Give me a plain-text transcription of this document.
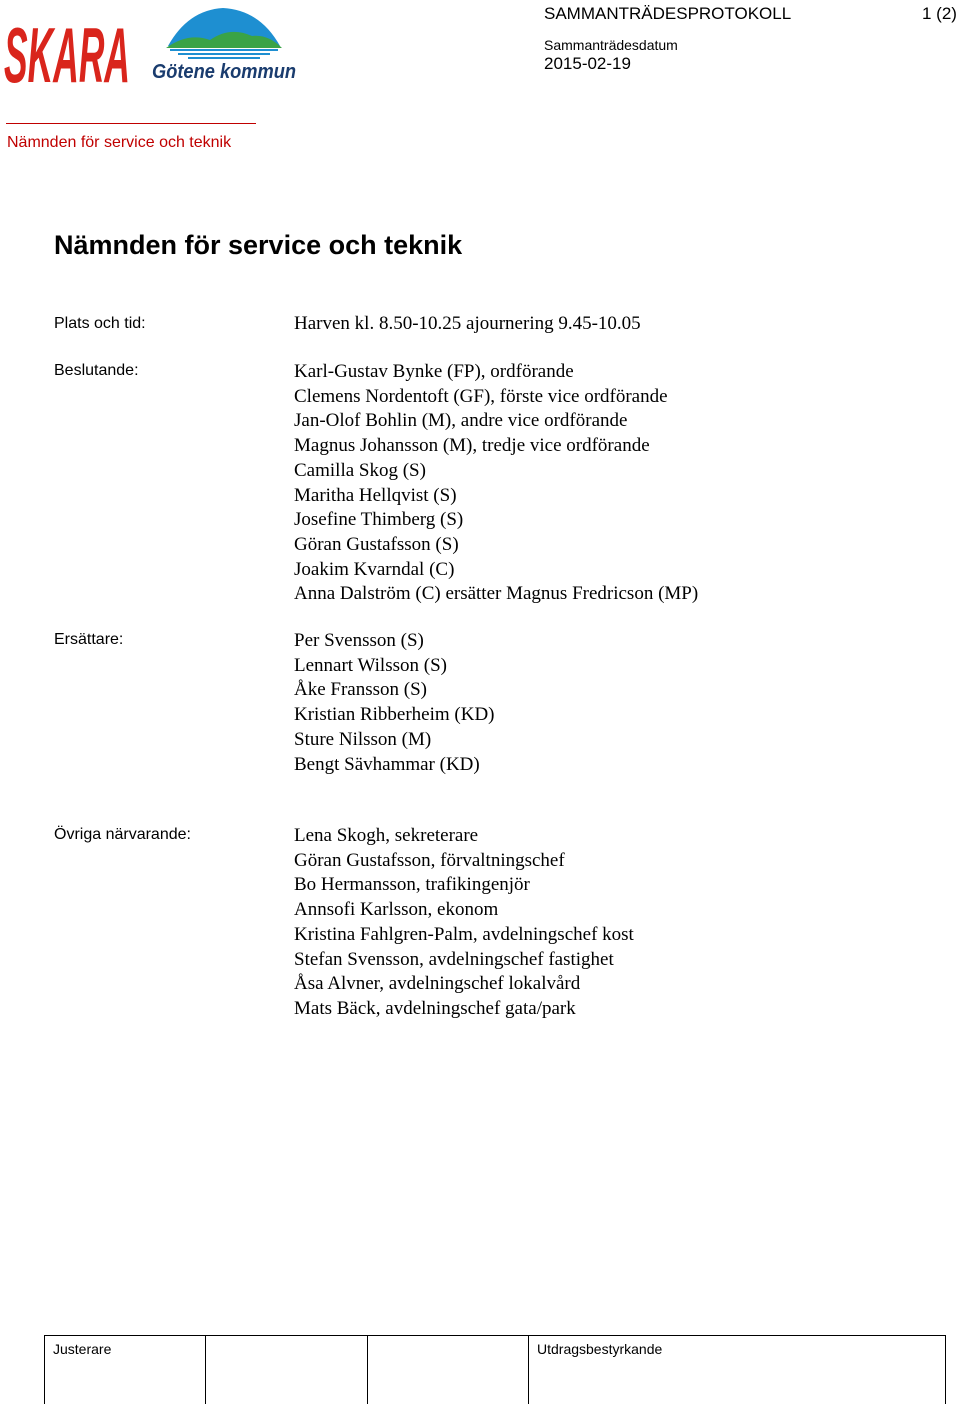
SKARA Götene kommun
SAMMANTRÄDESPROTOKOLL	1 (2)
Sammanträdesdatum
2015-02-19
Nämnden för service och teknik
Nämnden för service och teknik
Plats och tid:	Harven kl. 8.50-10.25 ajournering 9.45-10.05
Beslutande:	Karl-Gustav Bynke (FP), ordförande
Clemens Nordentoft (GF), förste vice ordförande
Jan-Olof Bohlin (M), andre vice ordförande
Magnus Johansson (M), tredje vice ordförande
Camilla Skog (S)
Maritha Hellqvist (S)
Josefine Thimberg (S)
Göran Gustafsson (S)
Joakim Kvarndal (C)
Anna Dalström (C) ersätter Magnus Fredricson (MP)
Ersättare:	Per Svensson (S)
Lennart Wilsson (S)
Åke Fransson (S)
Kristian Ribberheim (KD)
Sture Nilsson (M)
Bengt Sävhammar (KD)
Övriga närvarande:	Lena Skogh, sekreterare
Göran Gustafsson, förvaltningschef
Bo Hermansson, trafikingenjör
Annsofi Karlsson, ekonom
Kristina Fahlgren-Palm, avdelningschef kost
Stefan Svensson, avdelningschef fastighet
Åsa Alvner, avdelningschef lokalvård
Mats Bäck, avdelningschef gata/park
Justerare			Utdragsbestyrkande
